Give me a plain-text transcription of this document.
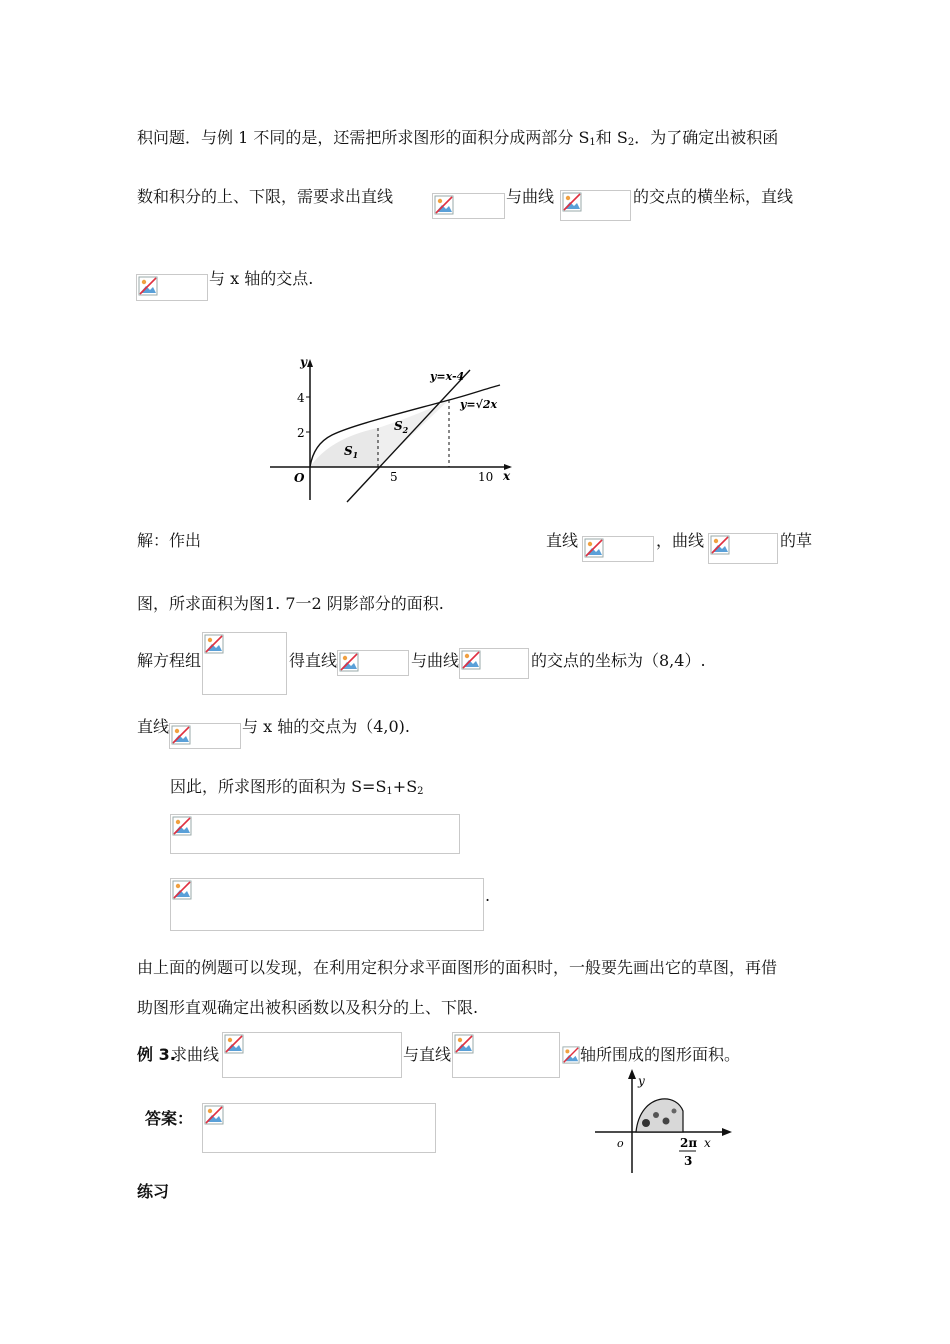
积问题．与例 1 不同的是，还需把所求图形的面积分成两部分 $S_1$和 $S_2$．为了确定出被积函
数和积分的上、下限，需要求出直线	与曲线	的交点的横坐标，直线
与 x 轴的交点.
y
x
O
2
4
5	10
y=x-4
y=√2x
$S_1$
$S_2$
解：作出	直线	，曲线	的草
图，所求面积为图1. 7一2 阴影部分的面积.
解方程组	得直线	与曲线	的交点的坐标为（8,4）.
直线	与 x 轴的交点为（4,0).
因此，所求图形的面积为 $S=S_1+S_2$
.
由上面的例题可以发现，在利用定积分求平面图形的面积时，一般要先画出它的草图，再借
助图形直观确定出被积函数以及积分的上、下限.
例 3.
求曲线	与直线	轴所围成的图形面积。
答案：
y
x
o	2π
3
练习
